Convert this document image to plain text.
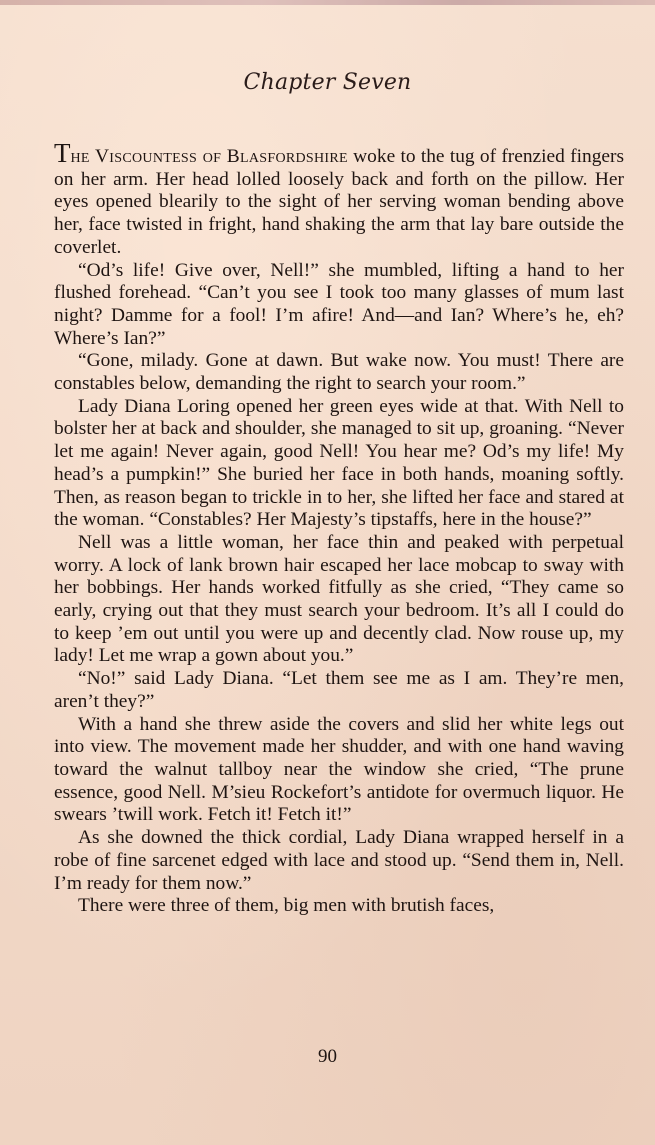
Chapter Seven

The Viscountess of Blasfordshire woke to the tug of frenzied fingers on her arm. Her head lolled loosely back and forth on the pillow. Her eyes opened blearily to the sight of her serving woman bending above her, face twisted in fright, hand shaking the arm that lay bare outside the coverlet.

“Od’s life! Give over, Nell!” she mumbled, lifting a hand to her flushed forehead. “Can’t you see I took too many glasses of mum last night? Damme for a fool! I’m afire! And—and Ian? Where’s he, eh? Where’s Ian?”

“Gone, milady. Gone at dawn. But wake now. You must! There are constables below, demanding the right to search your room.”

Lady Diana Loring opened her green eyes wide at that. With Nell to bolster her at back and shoulder, she managed to sit up, groaning. “Never let me again! Never again, good Nell! You hear me? Od’s my life! My head’s a pumpkin!” She buried her face in both hands, moaning softly. Then, as reason began to trickle in to her, she lifted her face and stared at the woman. “Constables? Her Majesty’s tipstaffs, here in the house?”

Nell was a little woman, her face thin and peaked with perpetual worry. A lock of lank brown hair escaped her lace mobcap to sway with her bobbings. Her hands worked fitfully as she cried, “They came so early, crying out that they must search your bedroom. It’s all I could do to keep ’em out until you were up and decently clad. Now rouse up, my lady! Let me wrap a gown about you.”

“No!” said Lady Diana. “Let them see me as I am. They’re men, aren’t they?”

With a hand she threw aside the covers and slid her white legs out into view. The movement made her shudder, and with one hand waving toward the walnut tallboy near the window she cried, “The prune essence, good Nell. M’sieu Rockefort’s antidote for overmuch liquor. He swears ’twill work. Fetch it! Fetch it!”

As she downed the thick cordial, Lady Diana wrapped herself in a robe of fine sarcenet edged with lace and stood up. “Send them in, Nell. I’m ready for them now.”

There were three of them, big men with brutish faces,

90
